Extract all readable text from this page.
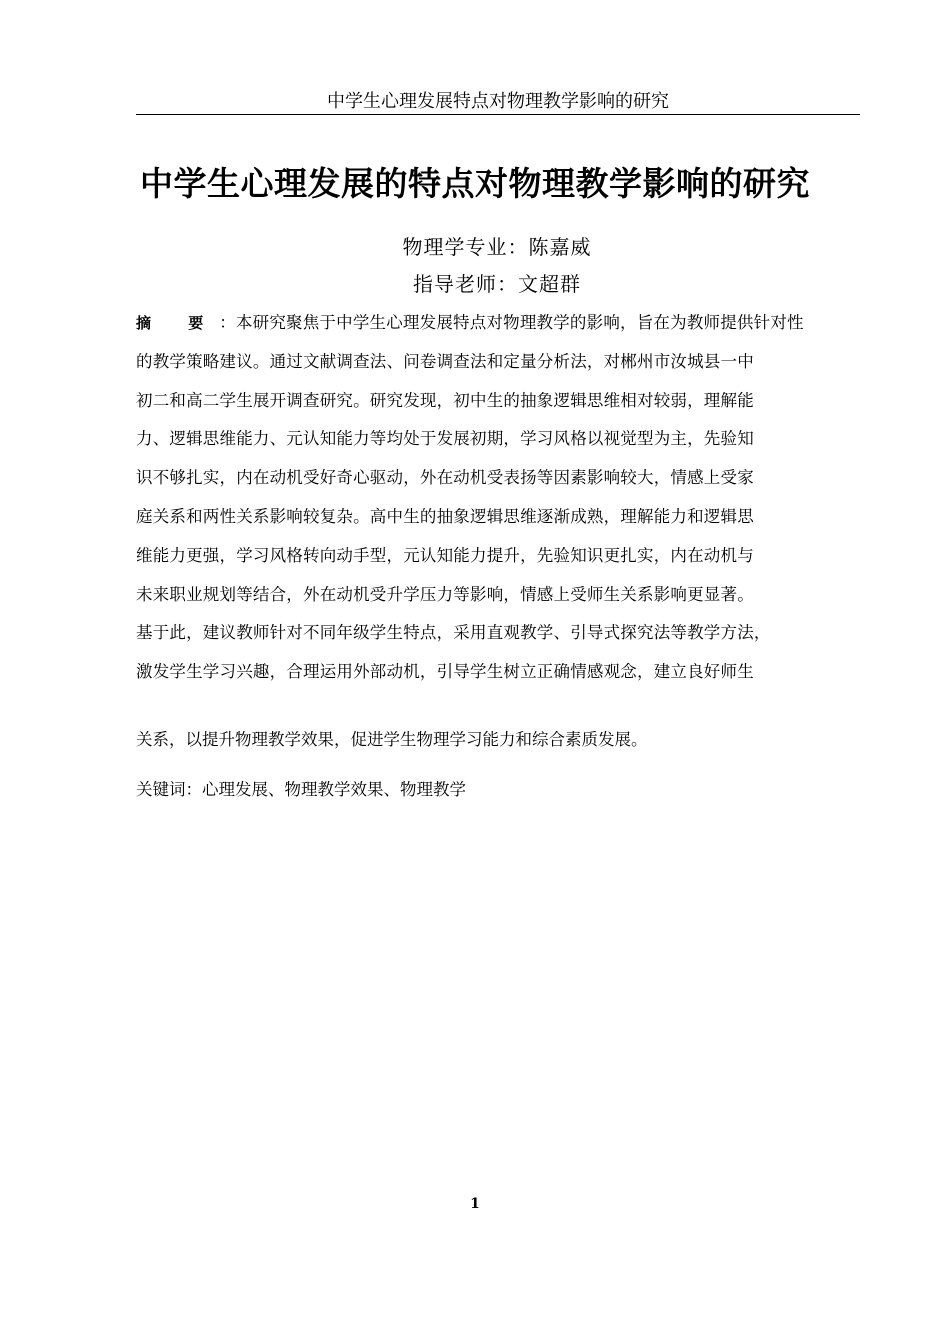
中学生心理发展特点对物理教学影响的研究
中学生心理发展的特点对物理教学影响的研究
物理学专业：陈嘉威
指导老师：文超群
摘 要：本研究聚焦于中学生心理发展特点对物理教学的影响，旨在为教师提供针对性
的教学策略建议。通过文献调查法、问卷调查法和定量分析法，对郴州市汝城县一中
初二和高二学生展开调查研究。研究发现，初中生的抽象逻辑思维相对较弱，理解能
力、逻辑思维能力、元认知能力等均处于发展初期，学习风格以视觉型为主，先验知
识不够扎实，内在动机受好奇心驱动，外在动机受表扬等因素影响较大，情感上受家
庭关系和两性关系影响较复杂。高中生的抽象逻辑思维逐渐成熟，理解能力和逻辑思
维能力更强，学习风格转向动手型，元认知能力提升，先验知识更扎实，内在动机与
未来职业规划等结合，外在动机受升学压力等影响，情感上受师生关系影响更显著。
基于此，建议教师针对不同年级学生特点，采用直观教学、引导式探究法等教学方法，
激发学生学习兴趣，合理运用外部动机，引导学生树立正确情感观念，建立良好师生
关系，以提升物理教学效果，促进学生物理学习能力和综合素质发展。
关键词：心理发展、物理教学效果、物理教学
1
